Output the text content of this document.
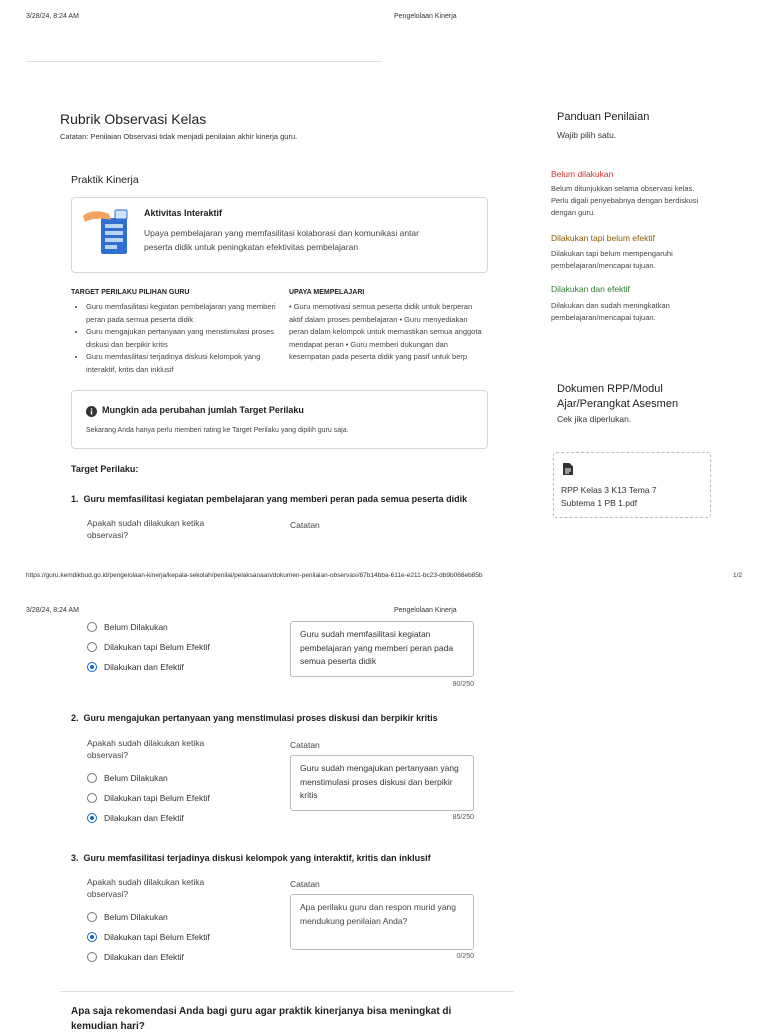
3/28/24, 8:24 AM	Pengelolaan Kinerja
Rubrik Observasi Kelas
Catatan: Penilaian Observasi tidak menjadi penilaian akhir kinerja guru.
Praktik Kinerja
Aktivitas Interaktif
Upaya pembelajaran yang memfasilitasi kolaborasi dan komunikasi antar peserta didik untuk peningkatan efektivitas pembelajaran
TARGET PERILAKU PILIHAN GURU
• Guru memfasilitasi kegiatan pembelajaran yang memberi peran pada semua peserta didik
• Guru mengajukan pertanyaan yang menstimulasi proses diskusi dan berpikir kritis
• Guru memfasilitasi terjadinya diskusi kelompok yang interaktif, kritis dan inklusif
UPAYA MEMPELAJARI
• Guru memotivasi semua peserta didik untuk berperan aktif dalam proses pembelajaran • Guru menyediakan peran dalam kelompok untuk memastikan semua anggota mendapat peran • Guru memberi dukungan dan kesempatan pada peserta didik yang pasif untuk berp
Mungkin ada perubahan jumlah Target Perilaku
Sekarang Anda hanya perlu memberi rating ke Target Perilaku yang dipilih guru saja.
Target Perilaku:
1. Guru memfasilitasi kegiatan pembelajaran yang memberi peran pada semua peserta didik
Apakah sudah dilakukan ketika observasi?
Catatan
Panduan Penilaian
Wajib pilih satu.
Belum dilakukan
Belum ditunjukkan selama observasi kelas. Perlu digali penyebabnya dengan berdiskusi dengan guru.
Dilakukan tapi belum efektif
Dilakukan tapi belum mempengaruhi pembelajaran/mencapai tujuan.
Dilakukan dan efektif
Dilakukan dan sudah meningkatkan pembelajaran/mencapai tujuan.
Dokumen RPP/Modul Ajar/Perangkat Asesmen
Cek jika diperlukan.
RPP Kelas 3 K13 Tema 7 Subtema 1 PB 1.pdf
https://guru.kemdikbud.go.id/pengelolaan-kinerja/kepala-sekolah/penilai/pelaksanaan/dokumen-penilaian-observasi/87b14bba-611e-e211-bc23-db9b068eb85b	1/2
3/28/24, 8:24 AM	Pengelolaan Kinerja
Belum Dilakukan
Dilakukan tapi Belum Efektif
Dilakukan dan Efektif
Guru sudah memfasilitasi kegiatan pembelajaran yang memberi peran pada semua peserta didik
90/250
2. Guru mengajukan pertanyaan yang menstimulasi proses diskusi dan berpikir kritis
Apakah sudah dilakukan ketika observasi?
Catatan
Belum Dilakukan
Dilakukan tapi Belum Efektif
Dilakukan dan Efektif
Guru sudah mengajukan pertanyaan yang menstimulasi proses diskusi dan berpikir kritis
85/250
3. Guru memfasilitasi terjadinya diskusi kelompok yang interaktif, kritis dan inklusif
Apakah sudah dilakukan ketika observasi?
Catatan
Belum Dilakukan
Dilakukan tapi Belum Efektif
Dilakukan dan Efektif
Apa perilaku guru dan respon murid yang mendukung penilaian Anda?
0/250
Apa saja rekomendasi Anda bagi guru agar praktik kinerjanya bisa meningkat di kemudian hari?
